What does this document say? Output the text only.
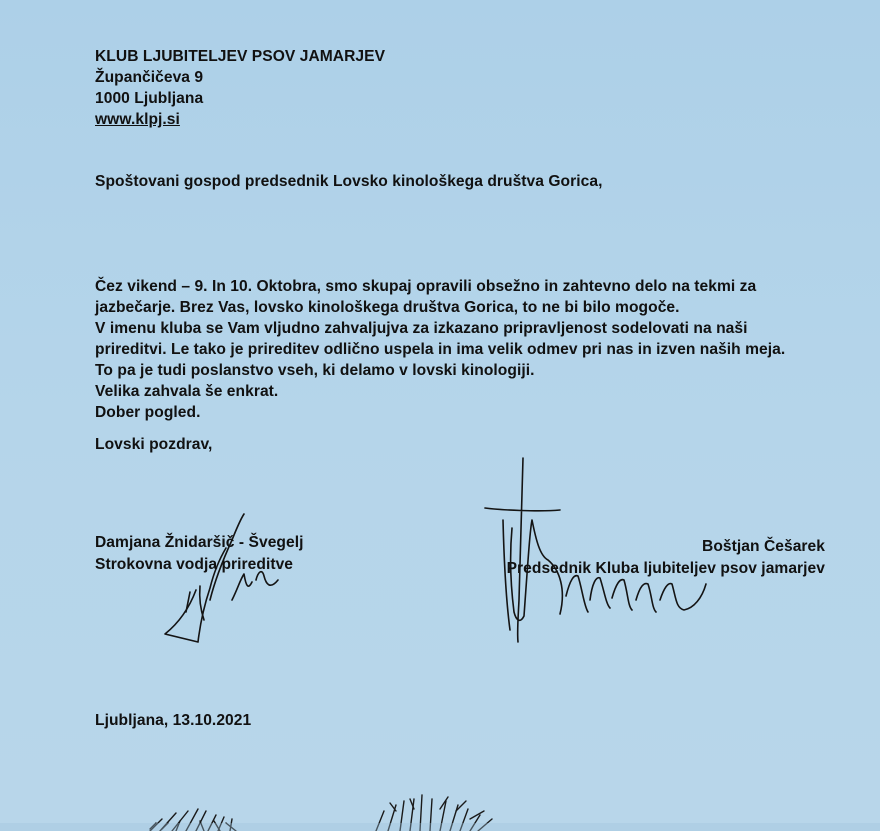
KLUB LJUBITELJEV PSOV JAMARJEV
Župančičeva 9
1000 Ljubljana
www.klpj.si
Spoštovani gospod predsednik Lovsko kinološkega društva Gorica,
Čez vikend – 9. In 10. Oktobra, smo skupaj opravili obsežno in zahtevno delo na tekmi za
jazbečarje. Brez Vas, lovsko kinološkega društva Gorica, to ne bi bilo mogoče.
V imenu kluba se Vam vljudno zahvaljujva za izkazano pripravljenost sodelovati na naši
prireditvi. Le tako je prireditev odlično uspela in ima velik odmev pri nas in izven naših meja.
To pa je tudi poslanstvo vseh, ki delamo v lovski kinologiji.
Velika zahvala še enkrat.
Dober pogled.
Lovski pozdrav,
Damjana Žnidaršič - Švegelj
Strokovna vodja prireditve
Boštjan Češarek
Predsednik Kluba ljubiteljev psov jamarjev
Ljubljana, 13.10.2021
